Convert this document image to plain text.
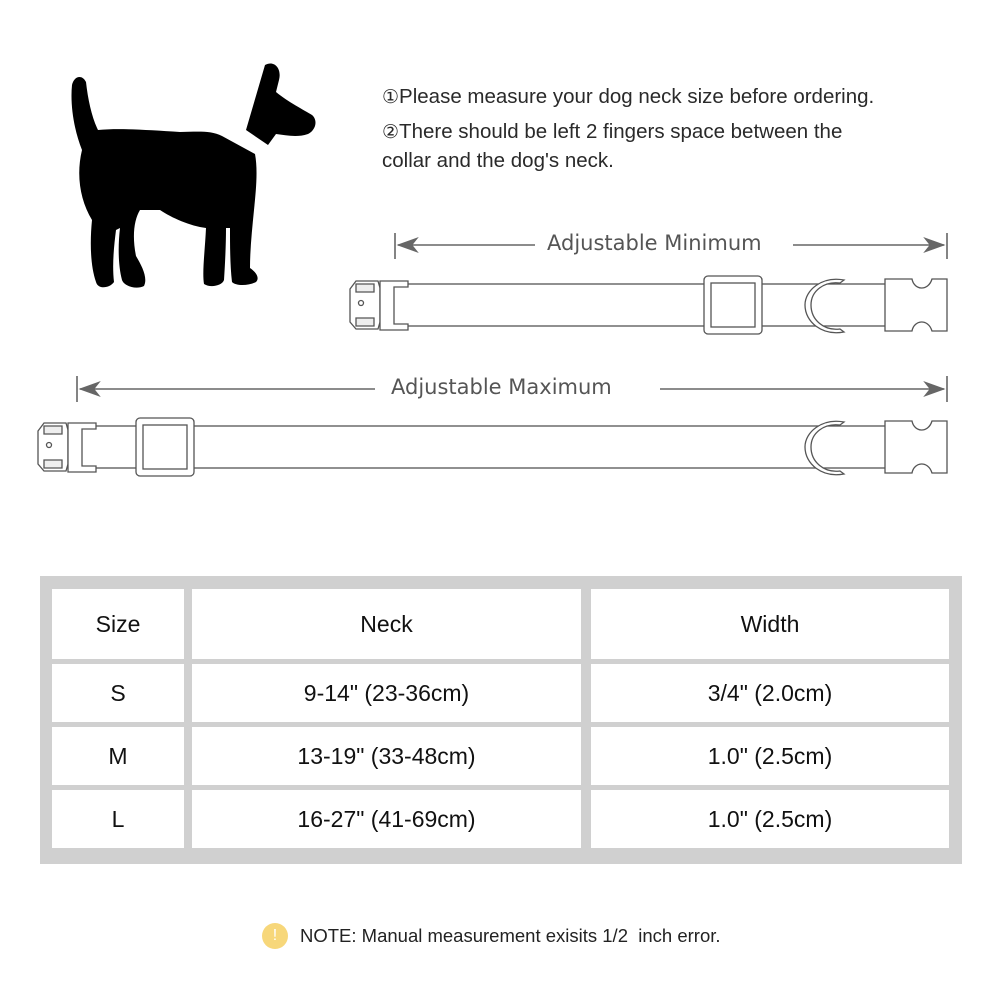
①Please measure your dog neck size before ordering.
②There should be left 2 fingers space between the
collar and the dog's neck.
Adjustable Minimum
Adjustable Maximum
Size		Neck		Width

S		9-14" (23-36cm)		3/4" (2.0cm)

M		13-19" (33-48cm)		1.0" (2.5cm)

L		16-27" (41-69cm)		1.0" (2.5cm)
!	NOTE: Manual measurement exisits 1/2  inch error.
